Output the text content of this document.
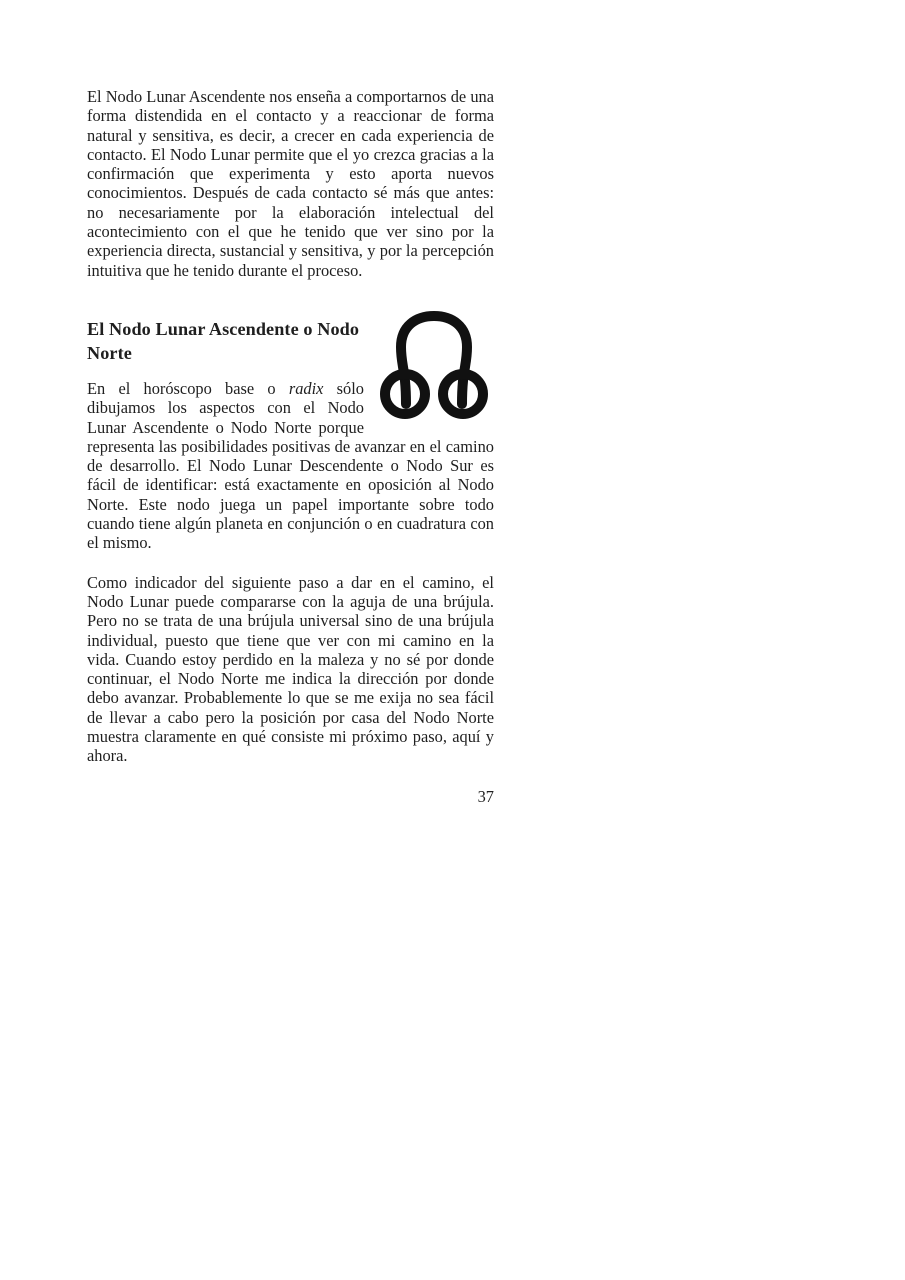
El Nodo Lunar Ascendente nos enseña a comportarnos de una forma distendida en el contacto y a reaccionar de forma natural y sensitiva, es decir, a crecer en cada experiencia de contacto. El Nodo Lunar permite que el yo crezca gracias a la confirmación que experimenta y esto aporta nuevos conocimientos. Después de cada contacto sé más que antes: no necesariamente por la elaboración intelectual del acontecimiento con el que he tenido que ver sino por la experiencia directa, sustancial y sensitiva, y por la percepción intuitiva que he tenido durante el proceso.

El Nodo Lunar Ascendente o Nodo Norte

En el horóscopo base o radix sólo dibujamos los aspectos con el Nodo Lunar Ascendente o Nodo Norte porque representa las posibilidades positivas de avanzar en el camino de desarrollo. El Nodo Lunar Descendente o Nodo Sur es fácil de identificar: está exactamente en oposición al Nodo Norte. Este nodo juega un papel importante sobre todo cuando tiene algún planeta en conjunción o en cuadratura con el mismo.

Como indicador del siguiente paso a dar en el camino, el Nodo Lunar puede compararse con la aguja de una brújula. Pero no se trata de una brújula universal sino de una brújula individual, puesto que tiene que ver con mi camino en la vida. Cuando estoy perdido en la maleza y no sé por donde continuar, el Nodo Norte me indica la dirección por donde debo avanzar. Probablemente lo que se me exija no sea fácil de llevar a cabo pero la posición por casa del Nodo Norte muestra claramente en qué consiste mi próximo paso, aquí y ahora.

37
